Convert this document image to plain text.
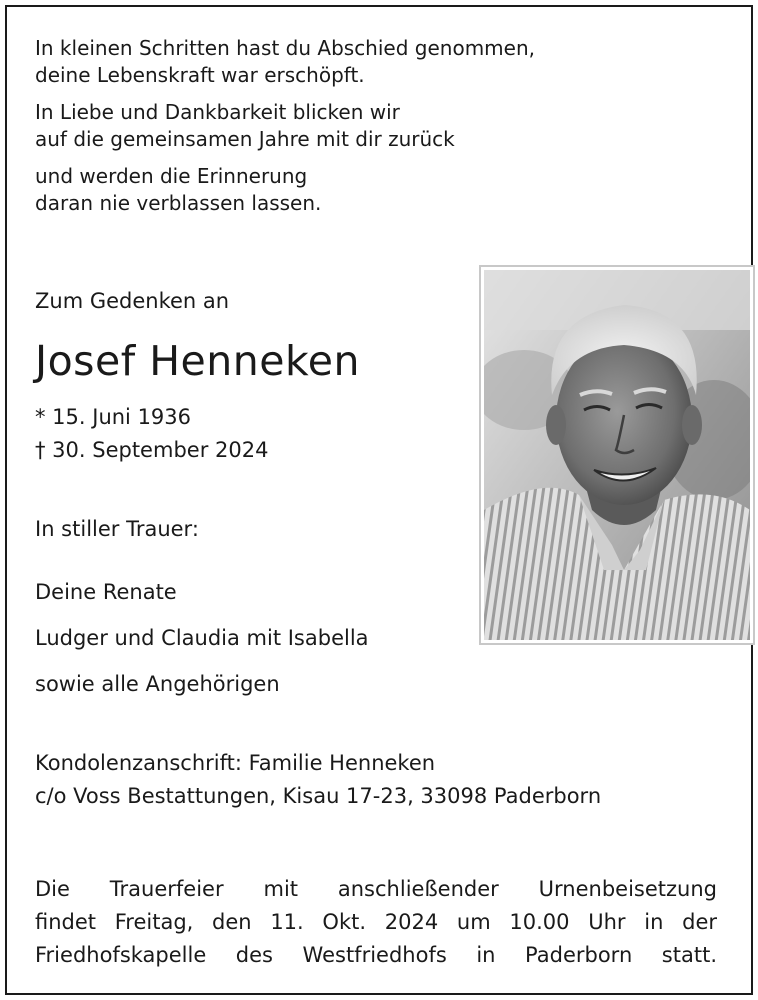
In kleinen Schritten hast du Abschied genommen,
deine Lebenskraft war erschöpft.

In Liebe und Dankbarkeit blicken wir
auf die gemeinsamen Jahre mit dir zurück

und werden die Erinnerung
daran nie verblassen lassen.

Zum Gedenken an
Josef Henneken
* 15. Juni 1936
† 30. September 2024
In stiller Trauer:
Deine Renate
Ludger und Claudia mit Isabella
sowie alle Angehörigen
Kondolenzanschrift: Familie Henneken
c/o Voss Bestattungen, Kisau 17-23, 33098 Paderborn
Die Trauerfeier mit anschließender Urnenbeisetzung
findet Freitag, den 11. Okt. 2024 um 10.00 Uhr in der
Friedhofskapelle des Westfriedhofs in Paderborn statt.
